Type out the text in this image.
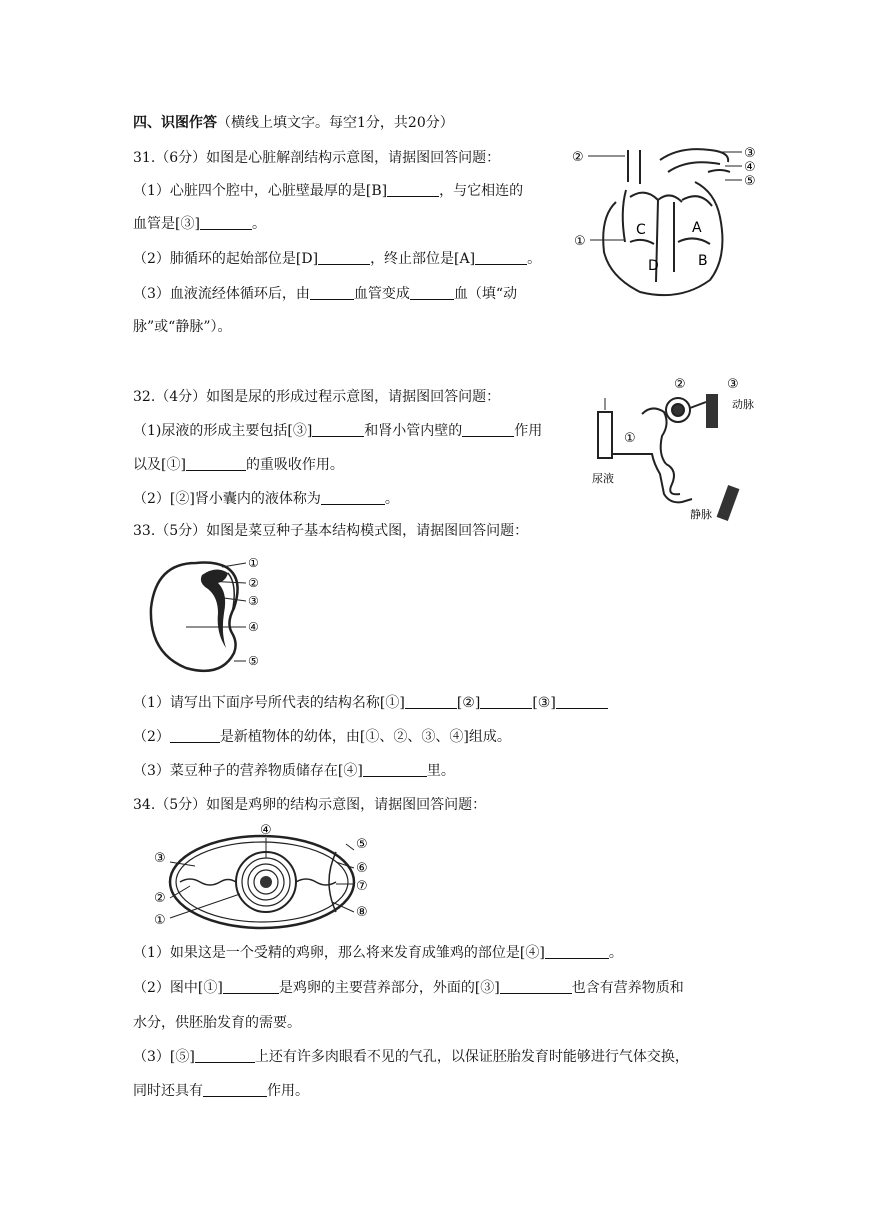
四、识图作答（横线上填文字。每空1分，共20分）
31.（6分）如图是心脏解剖结构示意图，请据图回答问题：
（1）心脏四个腔中，心脏壁最厚的是[B]	，与它相连的
血管是[③]	。
（2）肺循环的起始部位是[D]	，终止部位是[A]	。
（3）血液流经体循环后，由	血管变成	血（填“动
脉”或“静脉”）。
②	③
④
⑤
①
A
B
C
D
32.（4分）如图是尿的形成过程示意图，请据图回答问题：
（1)尿液的形成主要包括[③]	和肾小管内壁的	作用
以及[①]	的重吸收作用。
（2）[②]肾小囊内的液体称为	。
②	③
动脉
①
尿液
静脉
33.（5分）如图是菜豆种子基本结构模式图，请据图回答问题：
①
②
③
④
⑤
（1）请写出下面序号所代表的结构名称[①]	[②]	[③]
（2）	是新植物体的幼体，由[①、②、③、④]组成。
（3）菜豆种子的营养物质储存在[④]	里。
34.（5分）如图是鸡卵的结构示意图，请据图回答问题：
④
③
②
①
⑤
⑥
⑦
⑧
（1）如果这是一个受精的鸡卵，那么将来发育成雏鸡的部位是[④]	。
（2）图中[①]	是鸡卵的主要营养部分，外面的[③]	也含有营养物质和
水分，供胚胎发育的需要。
（3）[⑤]	上还有许多肉眼看不见的气孔，以保证胚胎发育时能够进行气体交换，
同时还具有	作用。
